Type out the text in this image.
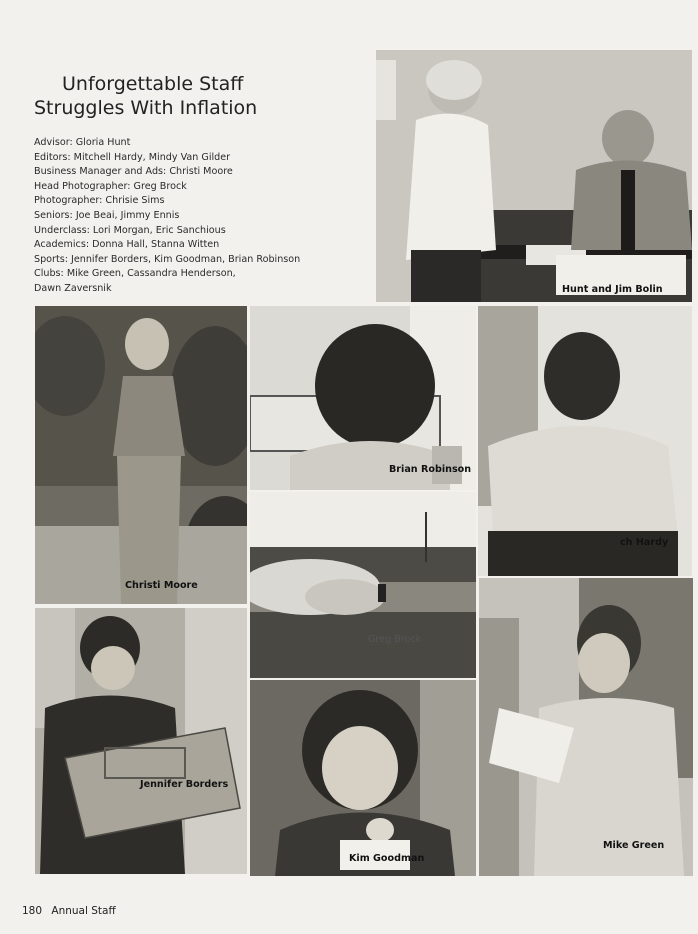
Unforgettable Staff
Struggles With Inflation
Advisor: Gloria Hunt
Editors: Mitchell Hardy, Mindy Van Gilder
Business Manager and Ads: Christi Moore
Head Photographer: Greg Brock
Photographer: Chrisie Sims
Seniors: Joe Beai, Jimmy Ennis
Underclass: Lori Morgan, Eric Sanchious
Academics: Donna Hall, Stanna Witten
Sports: Jennifer Borders, Kim Goodman, Brian Robinson
Clubs: Mike Green, Cassandra Henderson,
Dawn Zaversnik	Hunt and Jim Bolin
Christi Moore
Brian Robinson
ch Hardy
Greg Brock
Jennifer Borders
Kim Goodman
Mike Green
180 Annual Staff
